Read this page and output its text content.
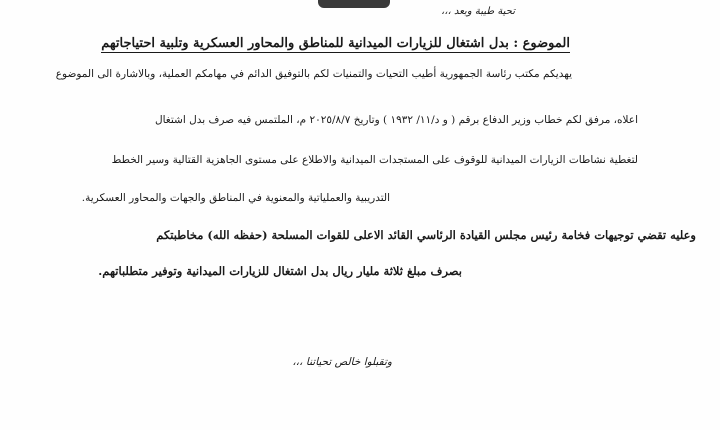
تحية طيبة وبعد ،،،
الموضوع : بدل اشتغال للزيارات الميدانية للمناطق والمحاور العسكرية وتلبية احتياجاتهم
يهديكم مكتب رئاسة الجمهورية أطيب التحيات والتمنيات لكم بالتوفيق الدائم في مهامكم العملية، وبالاشارة الى الموضوع
اعلاه، مرفق لكم خطاب وزير الدفاع برقم ( و د/١١/ ١٩٣٢ ) وتاريخ ٢٠٢٥/٨/٧ م، الملتمس فيه صرف بدل اشتغال
لتغطية نشاطات الزيارات الميدانية للوقوف على المستجدات الميدانية والاطلاع على مستوى الجاهزية القتالية وسير الخطط
التدريبية والعملياتية والمعنوية في المناطق والجهات والمحاور العسكرية.
وعليه تقضي توجيهات فخامة رئيس مجلس القيادة الرئاسي القائد الاعلى للقوات المسلحة (حفظه الله) مخاطبتكم
بصرف مبلغ ثلاثة مليار ريال بدل اشتغال للزيارات الميدانية وتوفير متطلباتهم.
وتقبلوا خالص تحياتنا ،،،
